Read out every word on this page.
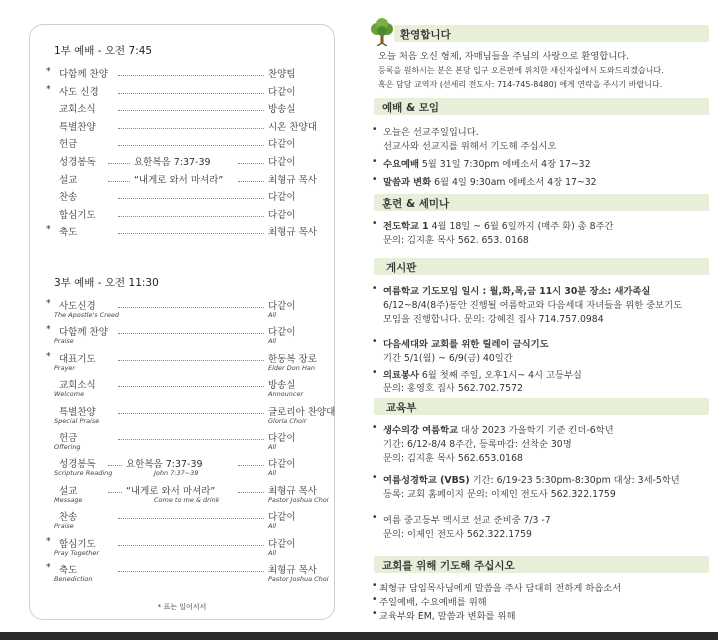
1부 예배 - 오전 7:45
* 다함께 찬양	찬양팀
* 사도 신경	다같이
교회소식	방송실
특별찬양	시온 찬양대
헌금	다같이
성경봉독	다같이
요한복음 7:37-39
설교	최형규 목사
“내게로 와서 마셔라”
찬송	다같이
합심기도	다같이
* 축도	최형규 목사
3부 예배 - 오전 11:30
* 사도신경	다같이
The Apostle's Creed	All
* 다함께 찬양	다같이
Praise	All
* 대표기도	한동복 장로
Prayer	Elder Don Han
교회소식	방송실
Welcome	Announcer
특별찬양	글로리아 찬양대
Special Praise	Gloria Choir
헌금	다같이
Offering	All
성경봉독	다같이
요한복음 7:37-39
Scripture Reading	John 7:37~39	All
설교	최형규 목사
“내게로 와서 마셔라”
Message	Come to me & drink	Pastor Joshua Choi
찬송	다같이
Praise	All
* 합심기도	다같이
Pray Together	All
* 축도	최형규 목사
Benediction	Pastor Joshua Choi
* 표는 일어서서
환영합니다
오늘 처음 오신 형제, 자매님들을 주님의 사랑으로 환영합니다.
등록을 원하시는 분은 본당 입구 오른편에 위치한 새신자실에서 도와드리겠습니다.
혹은 담당 교역자 (선세리 전도사: 714-745-8480) 에게 연락을 주시기 바랍니다.
예배 & 모임
• 오늘은 선교주일입니다.
선교사와 선교지를 위해서 기도해 주십시오
• 수요예배 5월 31일 7:30pm 에베소서 4장 17~32
• 말씀과 변화 6월 4일 9:30am 에베소서 4장 17~32
훈련 & 세미나
• 전도학교 1 4월 18일 ~ 6월 6일까지 (매주 화) 총 8주간
문의: 김지훈 목사 562. 653. 0168
게시판
• 여름학교 기도모임 일시 : 월,화,목,금 11시 30분 장소: 새가족실
6/12~8/4(8주)동안 진행될 여름학교와 다음세대 자녀들을 위한 중보기도
모임을 진행합니다. 문의: 강혜진 집사 714.757.0984
• 다음세대와 교회를 위한 릴레이 금식기도
기간 5/1(월) ~ 6/9(금) 40일간
• 의료봉사 6월 첫째 주일, 오후1시~ 4시 고등부실
문의: 홍영호 집사 562.702.7572
교육부
• 생수의강 여름학교 대상 2023 가을학기 기준 킨더-6학년
기간: 6/12-8/4 8주간, 등록마감: 선착순 30명
문의: 김지훈 목사 562.653.0168
• 여름성경학교 (VBS) 기간: 6/19-23 5:30pm-8:30pm 대상: 3세-5학년
등록: 교회 홈페이지 문의: 이제인 전도사 562.322.1759
• 여름 중고등부 멕시코 선교 준비중 7/3 -7
문의: 이제인 전도사 562.322.1759
교회를 위해 기도해 주십시오
• 최형규 담임목사님에게 말씀을 주사 담대히 전하게 하옵소서
• 주일예배, 수요예배를 위해
• 교육부와 EM, 말씀과 변화를 위해
